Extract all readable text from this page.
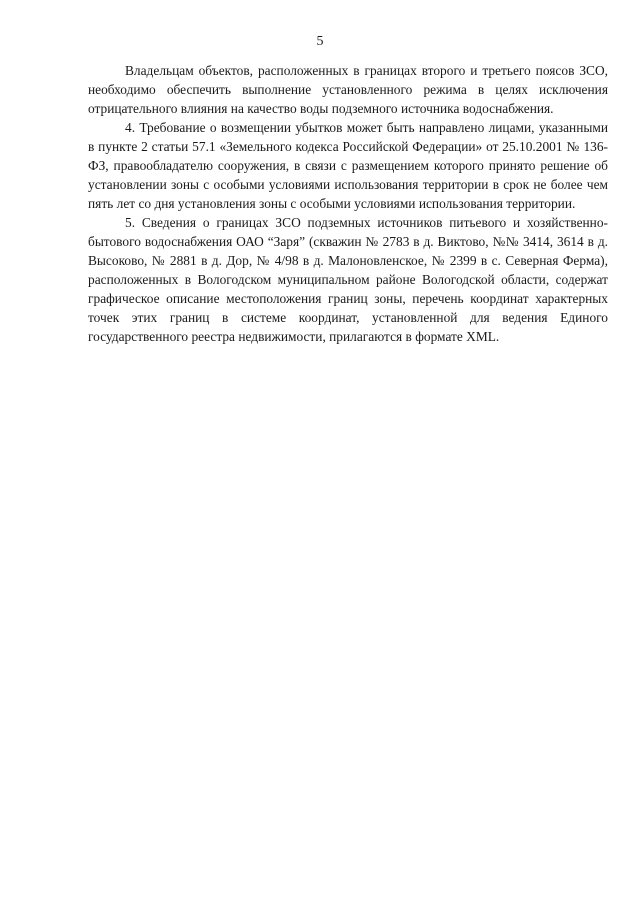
5

Владельцам объектов, расположенных в границах второго и третьего поясов ЗСО, необходимо обеспечить выполнение установленного режима в целях исключения отрицательного влияния на качество воды подземного источника водоснабжения.

4. Требование о возмещении убытков может быть направлено лицами, указанными в пункте 2 статьи 57.1 «Земельного кодекса Российской Федерации» от 25.10.2001 № 136-ФЗ, правообладателю сооружения, в связи с размещением которого принято решение об установлении зоны с особыми условиями использования территории в срок не более чем пять лет со дня установления зоны с особыми условиями использования территории.

5. Сведения о границах ЗСО подземных источников питьевого и хозяйственно-бытового водоснабжения ОАО “Заря” (скважин № 2783 в д. Виктово, №№ 3414, 3614 в д. Высоково, № 2881 в д. Дор, № 4/98 в д. Малоновленское, № 2399 в с. Северная Ферма), расположенных в Вологодском муниципальном районе Вологодской области, содержат графическое описание местоположения границ зоны, перечень координат характерных точек этих границ в системе координат, установленной для ведения Единого государственного реестра недвижимости, прилагаются в формате XML.
